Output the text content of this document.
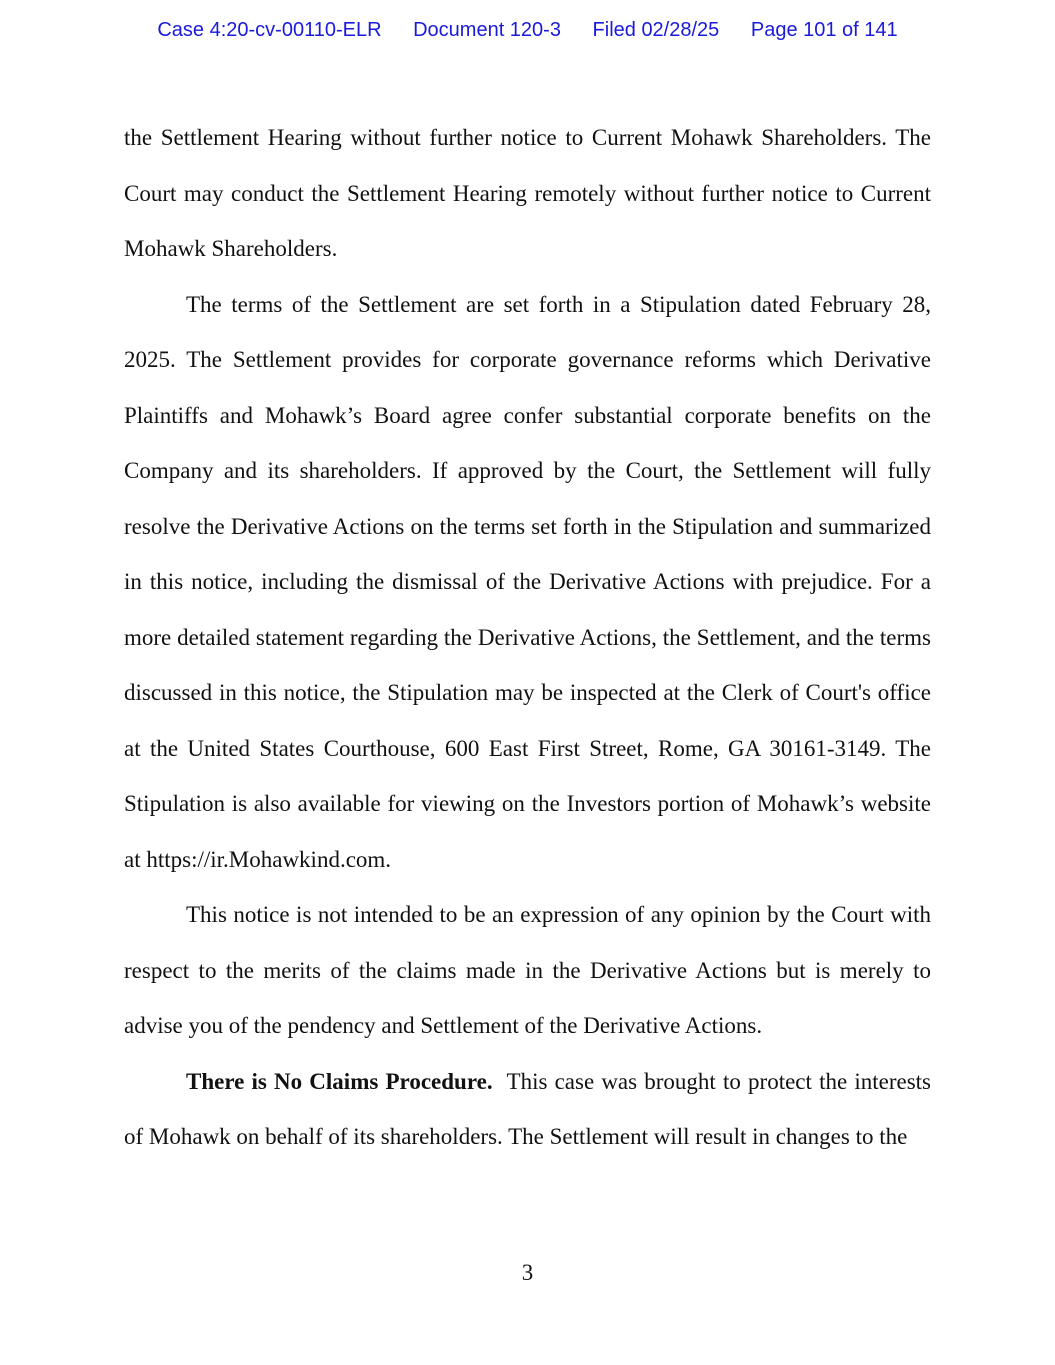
Case 4:20-cv-00110-ELR Document 120-3 Filed 02/28/25 Page 101 of 141

the Settlement Hearing without further notice to Current Mohawk Shareholders. The Court may conduct the Settlement Hearing remotely without further notice to Current Mohawk Shareholders.

The terms of the Settlement are set forth in a Stipulation dated February 28, 2025. The Settlement provides for corporate governance reforms which Derivative Plaintiffs and Mohawk’s Board agree confer substantial corporate benefits on the Company and its shareholders. If approved by the Court, the Settlement will fully resolve the Derivative Actions on the terms set forth in the Stipulation and summarized in this notice, including the dismissal of the Derivative Actions with prejudice. For a more detailed statement regarding the Derivative Actions, the Settlement, and the terms discussed in this notice, the Stipulation may be inspected at the Clerk of Court's office at the United States Courthouse, 600 East First Street, Rome, GA 30161-3149. The Stipulation is also available for viewing on the Investors portion of Mohawk’s website at https://ir.Mohawkind.com.

This notice is not intended to be an expression of any opinion by the Court with respect to the merits of the claims made in the Derivative Actions but is merely to advise you of the pendency and Settlement of the Derivative Actions.

There is No Claims Procedure. This case was brought to protect the interests of Mohawk on behalf of its shareholders. The Settlement will result in changes to the

3
